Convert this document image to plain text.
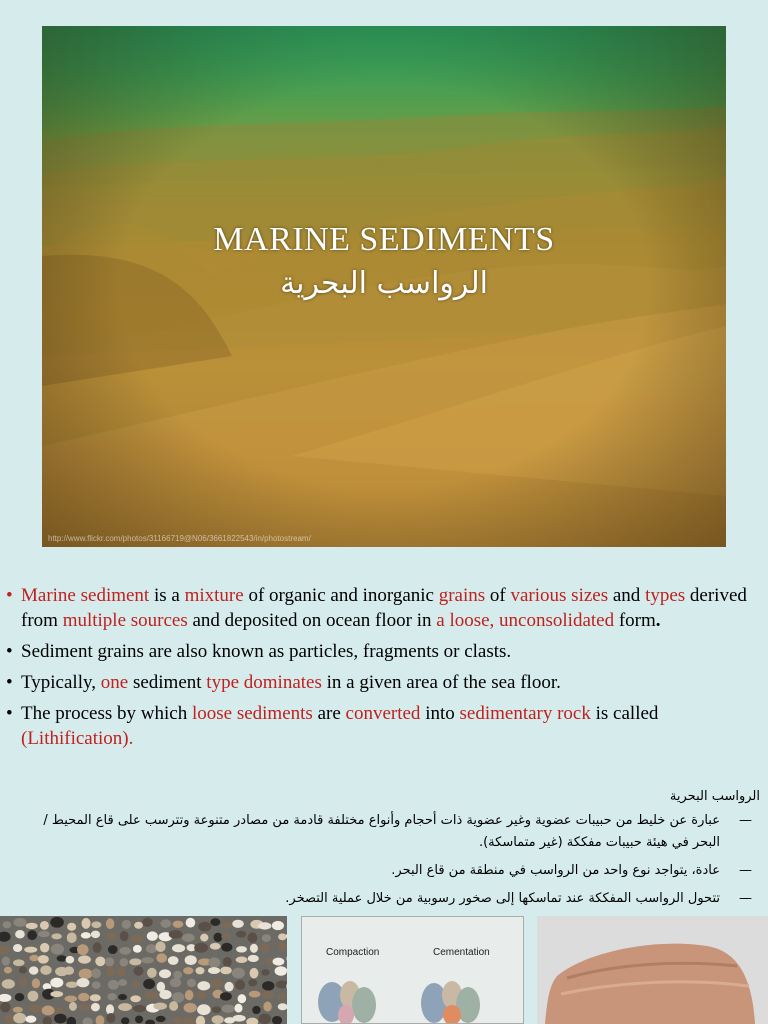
MARINE SEDIMENTS
الرواسب البحرية
http://www.flickr.com/photos/31166719@N06/3661822543/in/photostream/
• Marine sediment is a mixture of organic and inorganic grains of various sizes and types derived from multiple sources and deposited on ocean floor in a loose, unconsolidated form.
• Sediment grains are also known as particles, fragments or clasts.
• Typically, one sediment type dominates in a given area of the sea floor.
• The process by which loose sediments are converted into sedimentary rock is called (Lithification).
الرواسب البحرية
— عبارة عن خليط من حبيبات عضوية وغير عضوية ذات أحجام وأنواع مختلفة قادمة من مصادر متنوعة وتترسب على قاع المحيط / البحر في هيئة حبيبات مفككة (غير متماسكة).
— عادة، يتواجد نوع واحد من الرواسب في منطقة من قاع البحر.
— تتحول الرواسب المفككة عند تماسكها إلى صخور رسوبية من خلال عملية التصخر.
Compaction	Cementation
